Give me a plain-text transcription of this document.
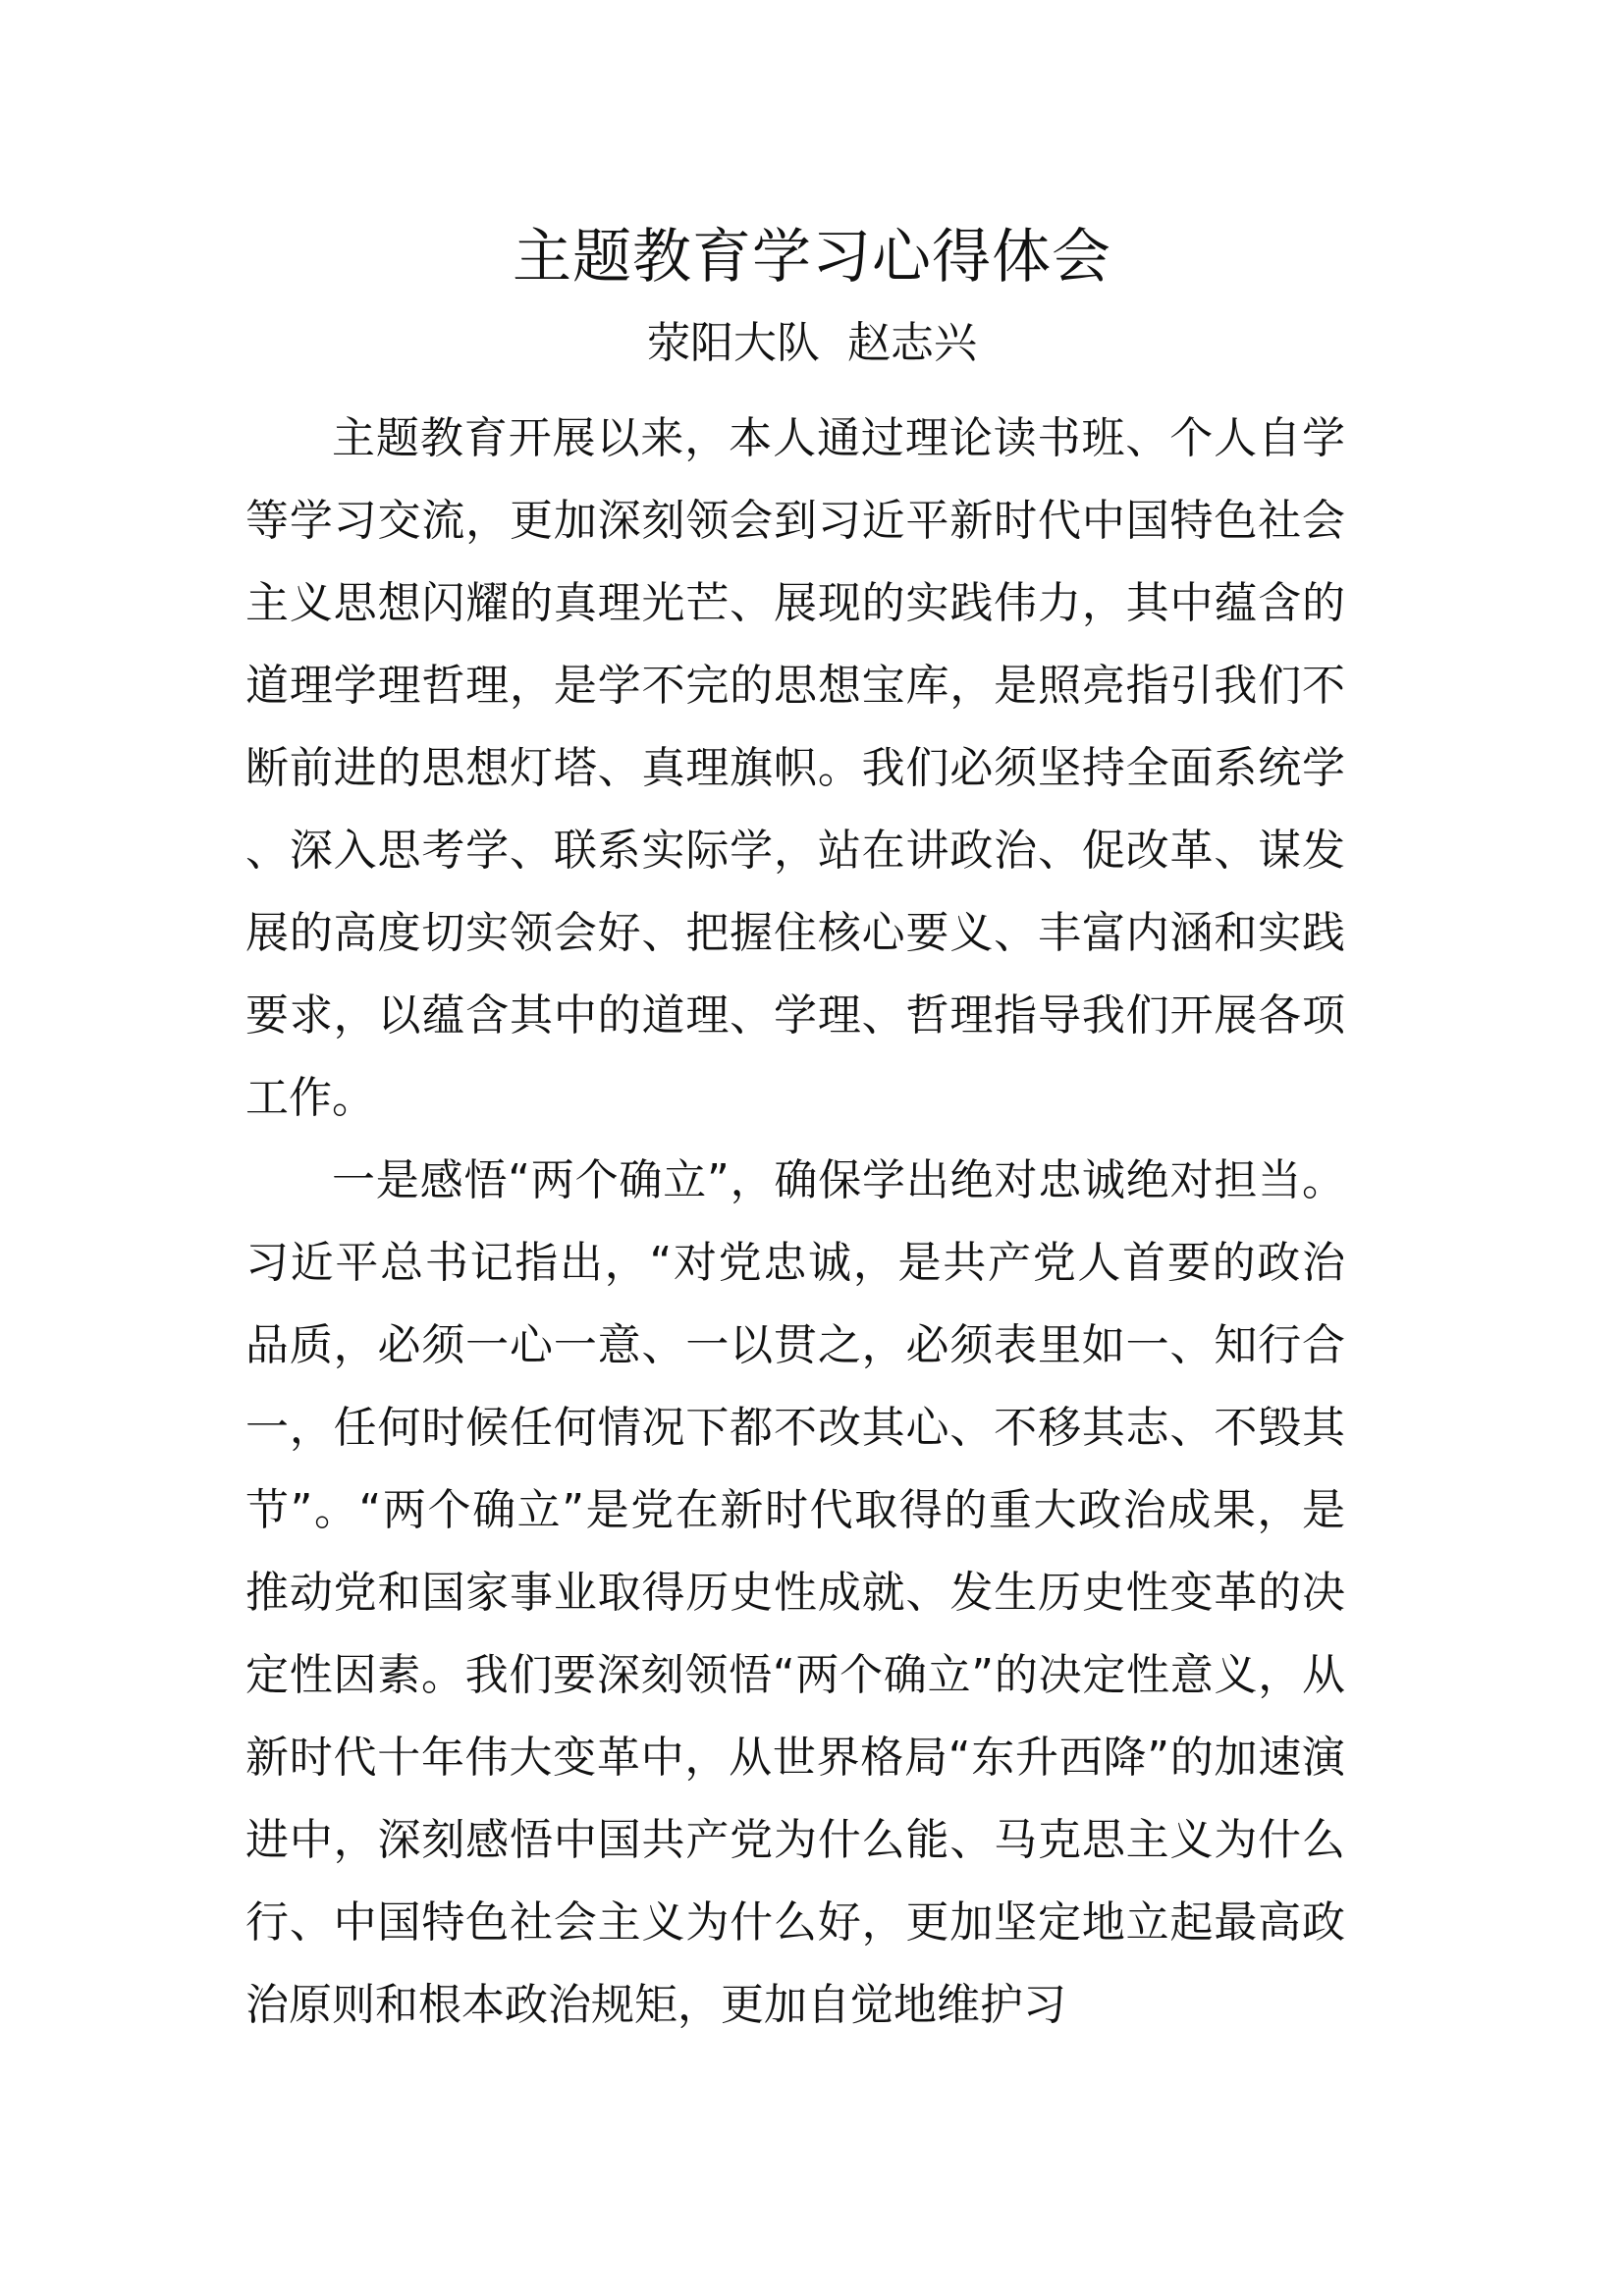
主题教育学习心得体会
荥阳大队  赵志兴

主题教育开展以来，本人通过理论读书班、个人自学等学习交流，更加深刻领会到习近平新时代中国特色社会主义思想闪耀的真理光芒、展现的实践伟力，其中蕴含的道理学理哲理，是学不完的思想宝库，是照亮指引我们不断前进的思想灯塔、真理旗帜。我们必须坚持全面系统学、深入思考学、联系实际学，站在讲政治、促改革、谋发展的高度切实领会好、把握住核心要义、丰富内涵和实践要求，以蕴含其中的道理、学理、哲理指导我们开展各项工作。

一是感悟“两个确立”，确保学出绝对忠诚绝对担当。习近平总书记指出，“对党忠诚，是共产党人首要的政治品质，必须一心一意、一以贯之，必须表里如一、知行合一，任何时候任何情况下都不改其心、不移其志、不毁其节”。“两个确立”是党在新时代取得的重大政治成果，是推动党和国家事业取得历史性成就、发生历史性变革的决定性因素。我们要深刻领悟“两个确立”的决定性意义，从新时代十年伟大变革中，从世界格局“东升西降”的加速演进中，深刻感悟中国共产党为什么能、马克思主义为什么行、中国特色社会主义为什么好，更加坚定地立起最高政治原则和根本政治规矩，更加自觉地维护习
